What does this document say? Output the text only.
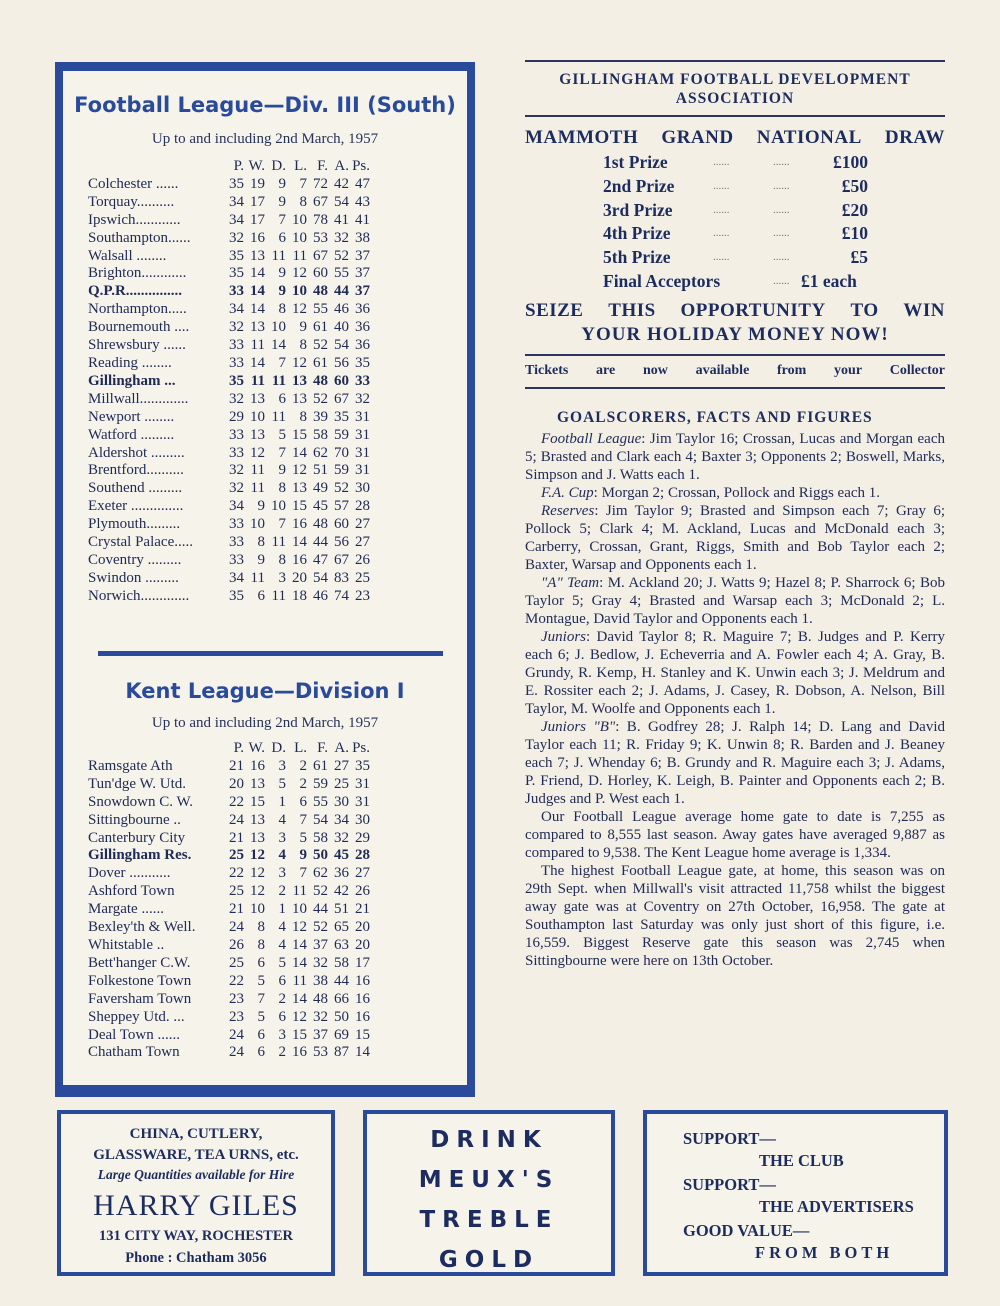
Football League—Div. III (South)
Up to and including 2nd March, 1957
	P.	W.	D.	L.	F.	A.	Ps.
Colchester ......	35	19	9	7	72	42	47
Torquay..........	34	17	9	8	67	54	43
Ipswich............	34	17	7	10	78	41	41
Southampton......	32	16	6	10	53	32	38
Walsall ........	35	13	11	11	67	52	37
Brighton............	35	14	9	12	60	55	37
Q.P.R...............	33	14	9	10	48	44	37
Northampton.....	34	14	8	12	55	46	36
Bournemouth ....	32	13	10	9	61	40	36
Shrewsbury ......	33	11	14	8	52	54	36
Reading ........	33	14	7	12	61	56	35
Gillingham ...	35	11	11	13	48	60	33
Millwall.............	32	13	6	13	52	67	32
Newport ........	29	10	11	8	39	35	31
Watford .........	33	13	5	15	58	59	31
Aldershot .........	33	12	7	14	62	70	31
Brentford..........	32	11	9	12	51	59	31
Southend .........	32	11	8	13	49	52	30
Exeter ..............	34	9	10	15	45	57	28
Plymouth.........	33	10	7	16	48	60	27
Crystal Palace.....	33	8	11	14	44	56	27
Coventry .........	33	9	8	16	47	67	26
Swindon .........	34	11	3	20	54	83	25
Norwich.............	35	6	11	18	46	74	23
Kent League—Division I
Up to and including 2nd March, 1957
	P.	W.	D.	L.	F.	A.	Ps.
Ramsgate Ath	21	16	3	2	61	27	35
Tun'dge W. Utd.	20	13	5	2	59	25	31
Snowdown C. W.	22	15	1	6	55	30	31
Sittingbourne ..	24	13	4	7	54	34	30
Canterbury City	21	13	3	5	58	32	29
Gillingham Res.	25	12	4	9	50	45	28
Dover ...........	22	12	3	7	62	36	27
Ashford Town	25	12	2	11	52	42	26
Margate ......	21	10	1	10	44	51	21
Bexley'th & Well.	24	8	4	12	52	65	20
Whitstable ..	26	8	4	14	37	63	20
Bett'hanger C.W.	25	6	5	14	32	58	17
Folkestone Town	22	5	6	11	38	44	16
Faversham Town	23	7	2	14	48	66	16
Sheppey Utd. ...	23	5	6	12	32	50	16
Deal Town ......	24	6	3	15	37	69	15
Chatham Town	24	6	2	16	53	87	14
GILLINGHAM FOOTBALL DEVELOPMENT ASSOCIATION
MAMMOTH GRAND NATIONAL DRAW
1st Prize	......	......	£100
2nd Prize	......	......	£50
3rd Prize	......	......	£20
4th Prize	......	......	£10
5th Prize	......	......	£5
Final Acceptors	...... £1 each
SEIZE THIS OPPORTUNITY TO WIN
YOUR HOLIDAY MONEY NOW!
Tickets are now available from your Collector
GOALSCORERS, FACTS AND FIGURES

Football League: Jim Taylor 16; Crossan, Lucas and Morgan each 5; Brasted and Clark each 4; Baxter 3; Opponents 2; Boswell, Marks, Simpson and J. Watts each 1.

F.A. Cup: Morgan 2; Crossan, Pollock and Riggs each 1.

Reserves: Jim Taylor 9; Brasted and Simpson each 7; Gray 6; Pollock 5; Clark 4; M. Ackland, Lucas and McDonald each 3; Carberry, Crossan, Grant, Riggs, Smith and Bob Taylor each 2; Baxter, Warsap and Opponents each 1.

"A" Team: M. Ackland 20; J. Watts 9; Hazel 8; P. Sharrock 6; Bob Taylor 5; Gray 4; Brasted and Warsap each 3; McDonald 2; L. Montague, David Taylor and Opponents each 1.

Juniors: David Taylor 8; R. Maguire 7; B. Judges and P. Kerry each 6; J. Bedlow, J. Echeverria and A. Fowler each 4; A. Gray, B. Grundy, R. Kemp, H. Stanley and K. Unwin each 3; J. Meldrum and E. Rossiter each 2; J. Adams, J. Casey, R. Dobson, A. Nelson, Bill Taylor, M. Woolfe and Opponents each 1.

Juniors "B": B. Godfrey 28; J. Ralph 14; D. Lang and David Taylor each 11; R. Friday 9; K. Unwin 8; R. Barden and J. Beaney each 7; J. Whenday 6; B. Grundy and R. Maguire each 3; J. Adams, P. Friend, D. Horley, K. Leigh, B. Painter and Opponents each 2; B. Judges and P. West each 1.

Our Football League average home gate to date is 7,255 as compared to 8,555 last season. Away gates have averaged 9,887 as compared to 9,538. The Kent League home average is 1,334.

The highest Football League gate, at home, this season was on 29th Sept. when Millwall's visit attracted 11,758 whilst the biggest away gate was at Coventry on 27th October, 16,958. The gate at Southampton last Saturday was only just short of this figure, i.e. 16,559. Biggest Reserve gate this season was 2,745 when Sittingbourne were here on 13th October.

CHINA, CUTLERY,
GLASSWARE, TEA URNS, etc.
Large Quantities available for Hire
HARRY GILES
131 CITY WAY, ROCHESTER
Phone : Chatham 3056
DRINK
MEUX'S
TREBLE
GOLD
SUPPORT—
THE CLUB
SUPPORT—
THE ADVERTISERS
GOOD VALUE—
FROM BOTH
